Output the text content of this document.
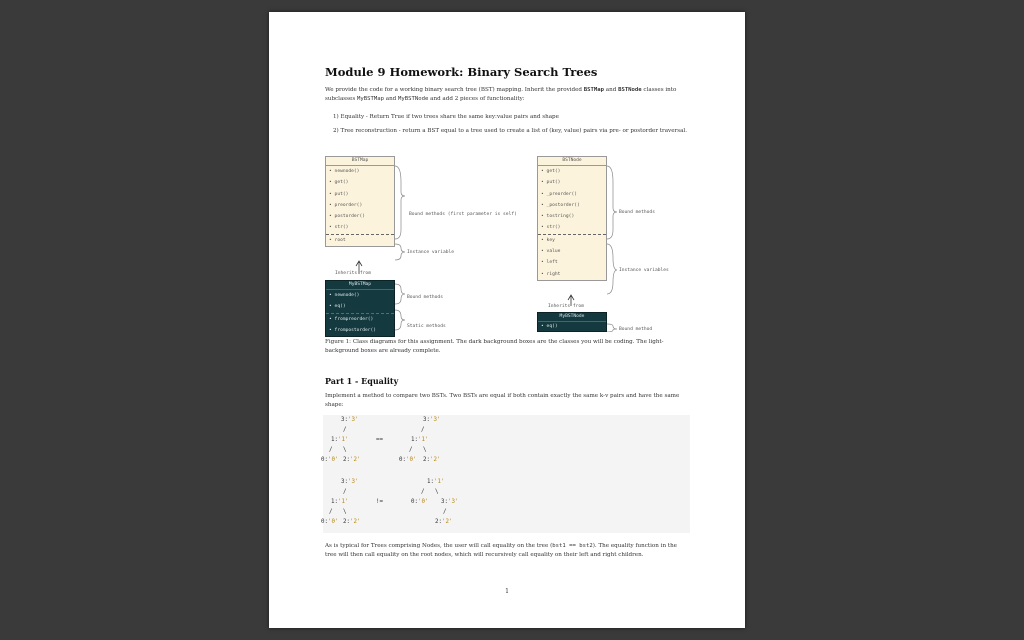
Module 9 Homework: Binary Search Trees
We provide the code for a working binary search tree (BST) mapping. Inherit the provided BSTMap and BSTNode classes into subclasses MyBSTMap and MyBSTNode and add 2 pieces of functionality:
1) Equality - Return True if two trees share the same key:value pairs and shape
2) Tree reconstruction - return a BST equal to a tree used to create a list of (key, value) pairs via pre- or postorder traversal.
BSTMap
• newnode()
• get()
• put()
• preorder()
• postorder()
• str()
• root
Bound methods (first parameter is self)
Instance variable
Inherits from
MyBSTMap
• newnode()
• eq()
• frompreorder()
• frompostorder()
Bound methods
Static methods
BSTNode
• get()
• put()
• _preorder()
• _postorder()
• tostring()
• str()
• key
• value
• left
• right
Bound methods
Instance variables
Inherits from
MyBSTNode
• eq()
Bound method
Figure 1: Class diagrams for this assignment. The dark background boxes are the classes you will be coding. The light-background boxes are already complete.
Part 1 - Equality
Implement a method to compare two BSTs. Two BSTs are equal if both contain exactly the same k-v pairs and have the same shape:
3:'3'	3:'3'
/	/
1:'1'	==	1:'1'
/   \	/   \
0:'0' 2:'2'	0:'0' 2:'2'
3:'3'	1:'1'
/	/   \
1:'1'	!=	0:'0' 3:'3'
/   \	/
0:'0' 2:'2'	2:'2'
As is typical for Trees comprising Nodes, the user will call equality on the tree (bst1 == bst2). The equality function in the tree will then call equality on the root nodes, which will recursively call equality on their left and right children.
1
